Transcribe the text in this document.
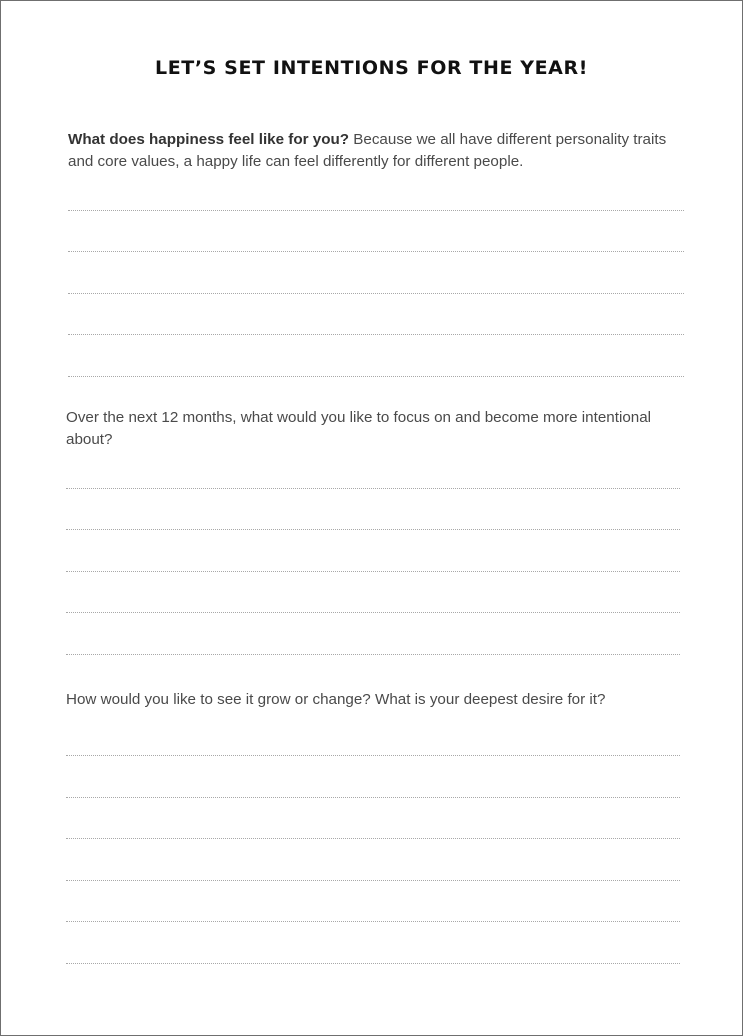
LET’S SET INTENTIONS FOR THE YEAR!
What does happiness feel like for you? Because we all have different personality traits and core values, a happy life can feel differently for different people.
Over the next 12 months, what would you like to focus on and become more intentional about?
How would you like to see it grow or change? What is your deepest desire for it?
